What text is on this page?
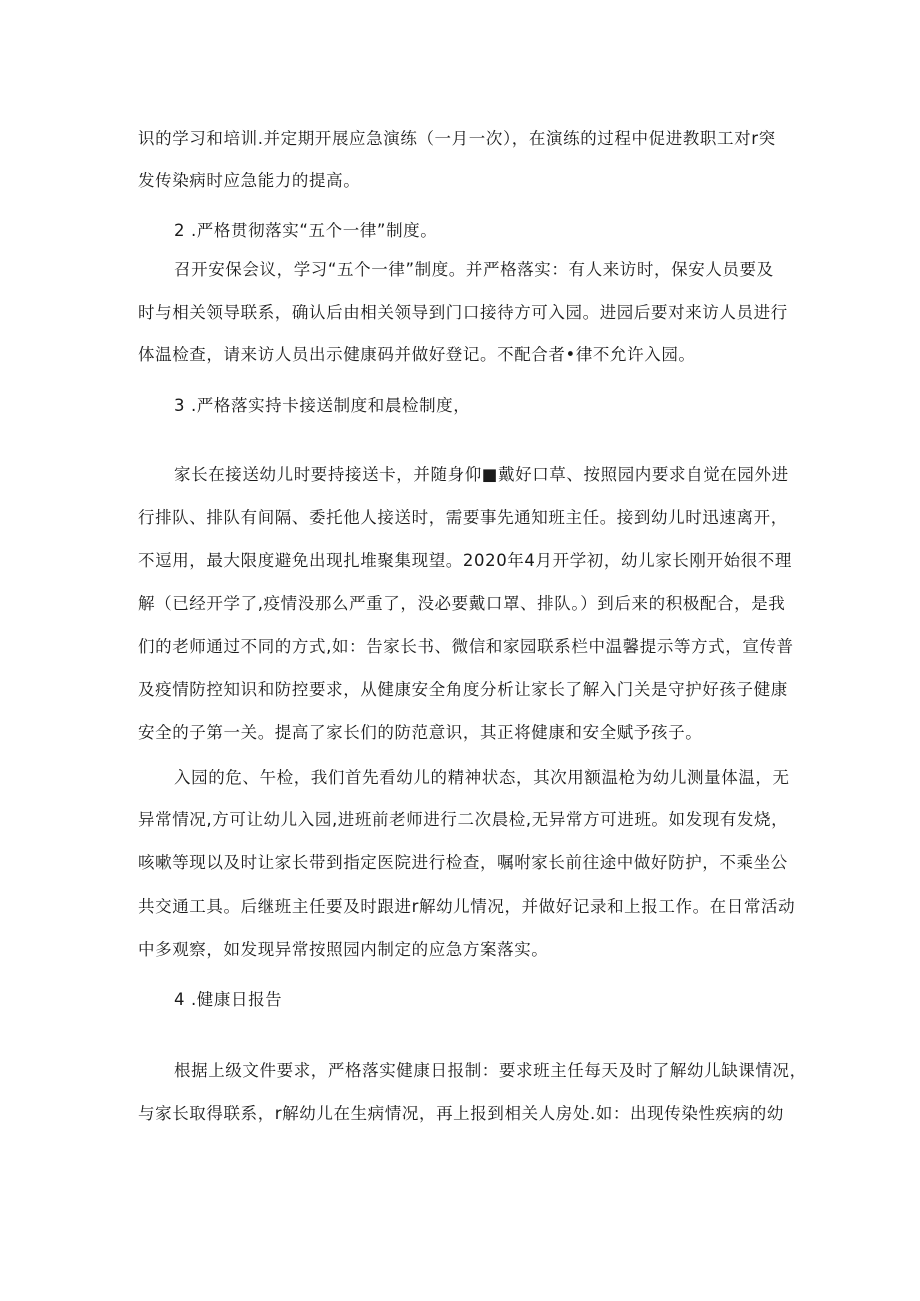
识的学习和培训.并定期开展应急演练（一月一次），在演练的过程中促进教职工对r突
发传染病时应急能力的提高。
2 .严格贯彻落实“五个一律”制度。
召开安保会议，学习“五个一律”制度。并严格落实：有人来访时，保安人员要及
时与相关领导联系，确认后由相关领导到门口接待方可入园。进园后要对来访人员进行
体温检查，请来访人员出示健康码并做好登记。不配合者•律不允许入园。
3 .严格落实持卡接送制度和晨检制度，
家长在接送幼儿时要持接送卡，并随身仰■戴好口草、按照园内要求自觉在园外进
行排队、排队有间隔、委托他人接送时，需要事先通知班主任。接到幼儿时迅速离开，
不逗用，最大限度避免出现扎堆聚集现望。2020年4月开学初，幼儿家长刚开始很不理
解（已经开学了,疫情没那么严重了，没必要戴口罩、排队。）到后来的积极配合，是我
们的老师通过不同的方式,如：告家长书、微信和家园联系栏中温馨提示等方式，宣传普
及疫情防控知识和防控要求，从健康安全角度分析让家长了解入门关是守护好孩子健康
安全的子第一关。提高了家长们的防范意识，其正将健康和安全赋予孩子。
入园的危、午检，我们首先看幼儿的精神状态，其次用额温枪为幼儿测量体温，无
异常情况,方可让幼儿入园,进班前老师进行二次晨检,无异常方可进班。如发现有发烧，
咳嗽等现以及时让家长带到指定医院进行检查，嘱咐家长前往途中做好防护，不乘坐公
共交通工具。后继班主任要及时跟进r解幼儿情况，并做好记录和上报工作。在日常活动
中多观察，如发现异常按照园内制定的应急方案落实。
4 .健康日报告
根据上级文件要求，严格落实健康日报制：要求班主任每天及时了解幼儿缺课情况，
与家长取得联系，r解幼儿在生病情况，再上报到相关人房处.如：出现传染性疾病的幼
